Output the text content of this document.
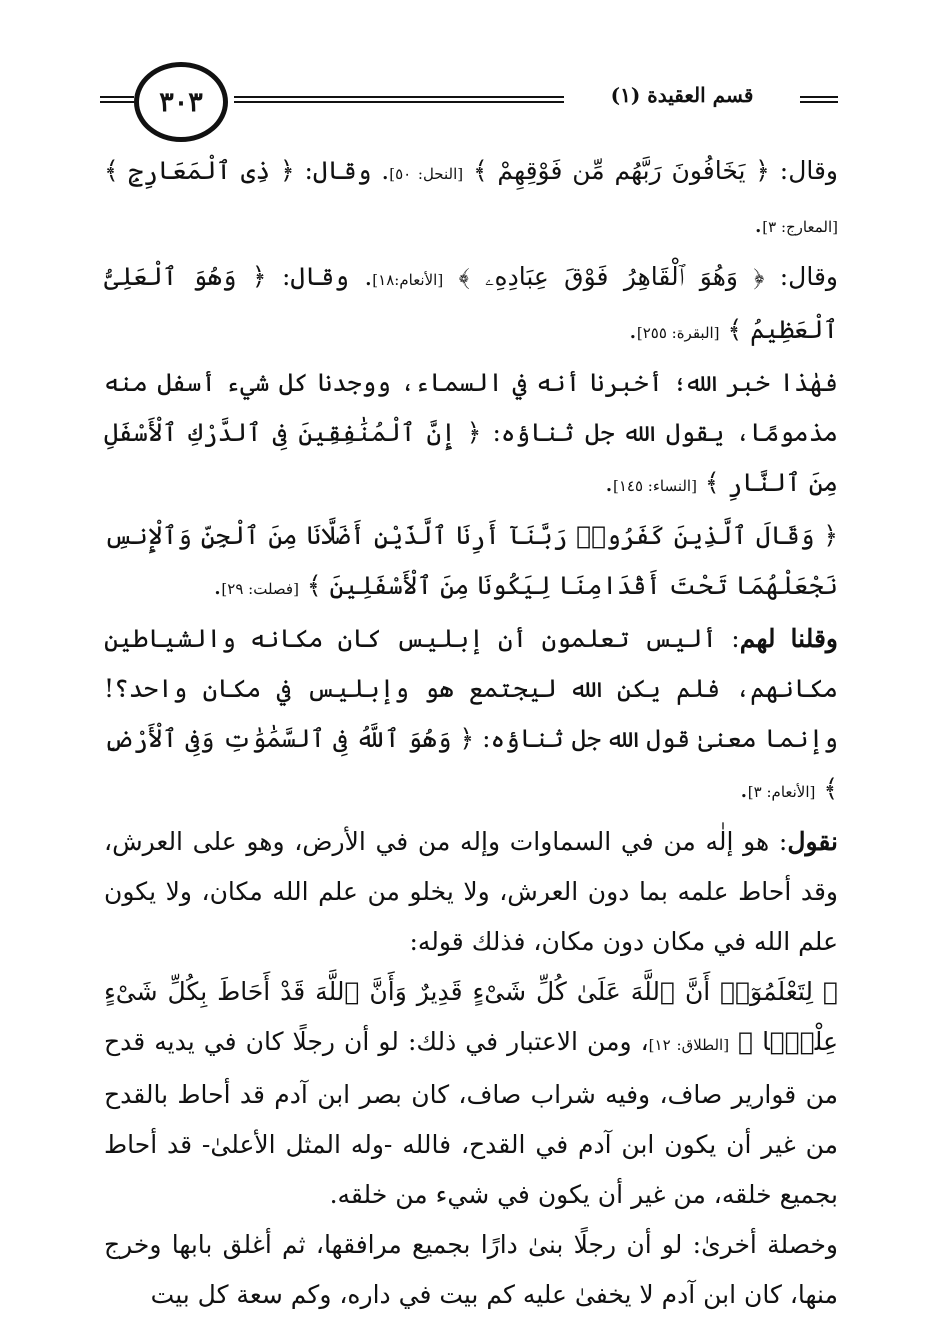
٣٠٣	قسم العقيدة (١)

وقال: ﴿ يَخَافُونَ رَبَّهُم مِّن فَوْقِهِمْ ﴾ [النحل: ٥٠]. وقال: ﴿ ذِى ٱلْمَعَارِجِ ﴾ [المعارج: ٣].

وقال: ﴿ وَهُوَ ٱلْقَاهِرُ فَوْقَ عِبَادِهِۦ ﴾ [الأنعام:١٨]. وقال: ﴿ وَهُوَ ٱلْعَلِىُّ ٱلْعَظِيمُ ﴾ [البقرة: ٢٥٥].

فهٰذا خبر الله؛ أخبرنا أنه في السماء، ووجدنا كل شيء أسفل منه مذمومًا، يقول الله جل ثناؤه: ﴿ إِنَّ ٱلْمُنَٰفِقِينَ فِى ٱلدَّرْكِ ٱلْأَسْفَلِ مِنَ ٱلنَّارِ ﴾ [النساء: ١٤٥].

﴿ وَقَالَ ٱلَّذِينَ كَفَرُوا۟ رَبَّنَآ أَرِنَا ٱلَّذَيْنِ أَضَلَّانَا مِنَ ٱلْجِنِّ وَٱلْإِنسِ نَجْعَلْهُمَا تَحْتَ أَقْدَامِنَا لِيَكُونَا مِنَ ٱلْأَسْفَلِينَ ﴾ [فصلت: ٢٩].

وقلنا لهم: أليس تعلمون أن إبليس كان مكانه والشياطين مكانهم، فلم يكن الله ليجتمع هو وإبليس في مكان واحد؟! وإنما معنىٰ قول الله جل ثناؤه: ﴿ وَهُوَ ٱللَّهُ فِى ٱلسَّمَٰوَٰتِ وَفِى ٱلْأَرْضِ ﴾ [الأنعام: ٣].

نقول: هو إلٰه من في السماوات وإله من في الأرض، وهو على العرش، وقد أحاط علمه بما دون العرش، ولا يخلو من علم الله مكان، ولا يكون علم الله في مكان دون مكان، فذلك قوله:

﴿ لِتَعْلَمُوٓا۟ أَنَّ ٱللَّهَ عَلَىٰ كُلِّ شَىْءٍ قَدِيرٌ وَأَنَّ ٱللَّهَ قَدْ أَحَاطَ بِكُلِّ شَىْءٍ عِلْمًۢا ﴾ [الطلاق: ١٢]، ومن الاعتبار في ذلك: لو أن رجلًا كان في يديه قدح من قوارير صاف، وفيه شراب صاف، كان بصر ابن آدم قد أحاط بالقدح من غير أن يكون ابن آدم في القدح، فالله -وله المثل الأعلىٰ- قد أحاط بجميع خلقه، من غير أن يكون في شيء من خلقه.

وخصلة أخرىٰ: لو أن رجلًا بنىٰ دارًا بجميع مرافقها، ثم أغلق بابها وخرج منها، كان ابن آدم لا يخفىٰ عليه كم بيت في داره، وكم سعة كل بيت
